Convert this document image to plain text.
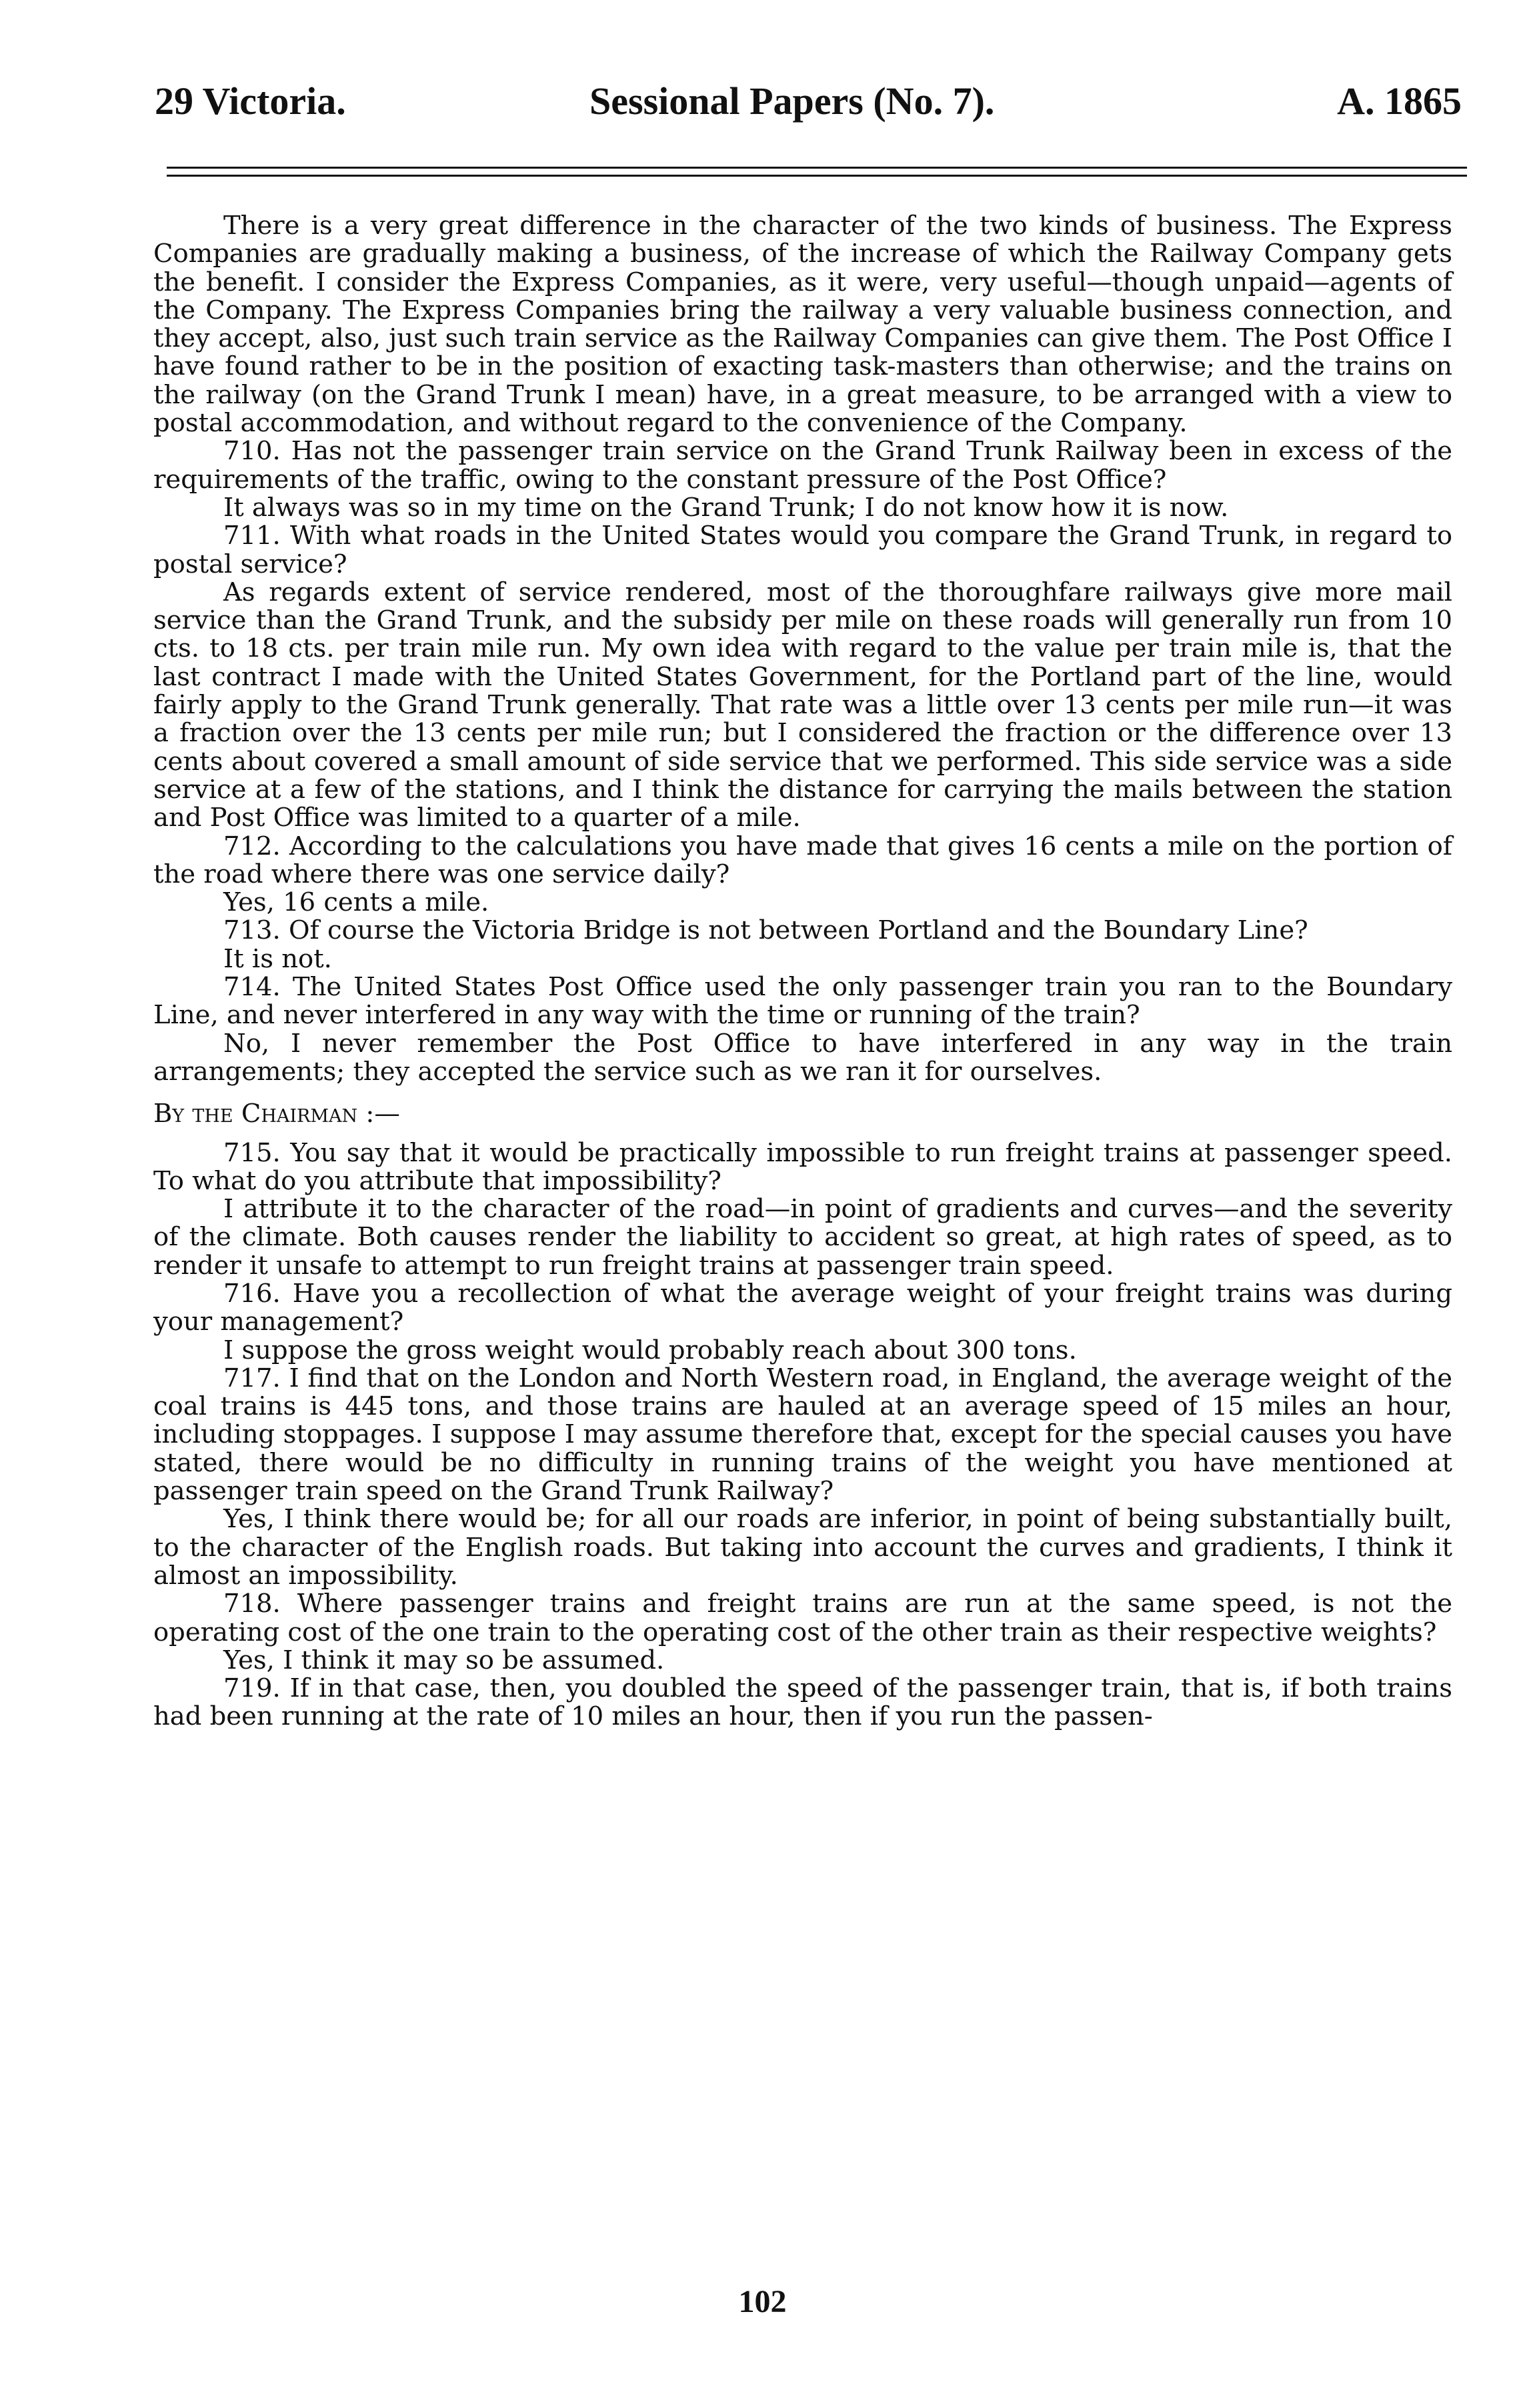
29 Victoria.	Sessional Papers (No. 7).	A. 1865

There is a very great difference in the character of the two kinds of business. The Express Companies are gradually making a business, of the increase of which the Railway Company gets the benefit. I consider the Express Companies, as it were, very useful—though unpaid—agents of the Company. The Express Companies bring the railway a very valuable business connection, and they accept, also, just such train service as the Railway Companies can give them. The Post Office I have found rather to be in the position of exacting task-masters than otherwise; and the trains on the railway (on the Grand Trunk I mean) have, in a great measure, to be arranged with a view to postal accommodation, and without regard to the convenience of the Company.

710. Has not the passenger train service on the Grand Trunk Railway been in excess of the requirements of the traffic, owing to the constant pressure of the Post Office?

It always was so in my time on the Grand Trunk; I do not know how it is now.

711. With what roads in the United States would you compare the Grand Trunk, in regard to postal service?

As regards extent of service rendered, most of the thoroughfare railways give more mail service than the Grand Trunk, and the subsidy per mile on these roads will generally run from 10 cts. to 18 cts. per train mile run. My own idea with regard to the value per train mile is, that the last contract I made with the United States Government, for the Portland part of the line, would fairly apply to the Grand Trunk generally. That rate was a little over 13 cents per mile run—it was a fraction over the 13 cents per mile run; but I considered the fraction or the difference over 13 cents about covered a small amount of side service that we performed. This side service was a side service at a few of the stations, and I think the distance for carrying the mails between the station and Post Office was limited to a quarter of a mile.

712. According to the calculations you have made that gives 16 cents a mile on the portion of the road where there was one service daily?

Yes, 16 cents a mile.

713. Of course the Victoria Bridge is not between Portland and the Boundary Line?

It is not.

714. The United States Post Office used the only passenger train you ran to the Boundary Line, and never interfered in any way with the time or running of the train?

No, I never remember the Post Office to have interfered in any way in the train arrangements; they accepted the service such as we ran it for ourselves.

By the Chairman :—

715. You say that it would be practically impossible to run freight trains at passenger speed. To what do you attribute that impossibility?

I attribute it to the character of the road—in point of gradients and curves—and the severity of the climate. Both causes render the liability to accident so great, at high rates of speed, as to render it unsafe to attempt to run freight trains at passenger train speed.

716. Have you a recollection of what the average weight of your freight trains was during your management?

I suppose the gross weight would probably reach about 300 tons.

717. I find that on the London and North Western road, in England, the average weight of the coal trains is 445 tons, and those trains are hauled at an average speed of 15 miles an hour, including stoppages. I suppose I may assume therefore that, except for the special causes you have stated, there would be no difficulty in running trains of the weight you have mentioned at passenger train speed on the Grand Trunk Railway?

Yes, I think there would be; for all our roads are inferior, in point of being substantially built, to the character of the English roads. But taking into account the curves and gradients, I think it almost an impossibility.

718. Where passenger trains and freight trains are run at the same speed, is not the operating cost of the one train to the operating cost of the other train as their respective weights?

Yes, I think it may so be assumed.

719. If in that case, then, you doubled the speed of the passenger train, that is, if both trains had been running at the rate of 10 miles an hour, then if you run the passen-

102
